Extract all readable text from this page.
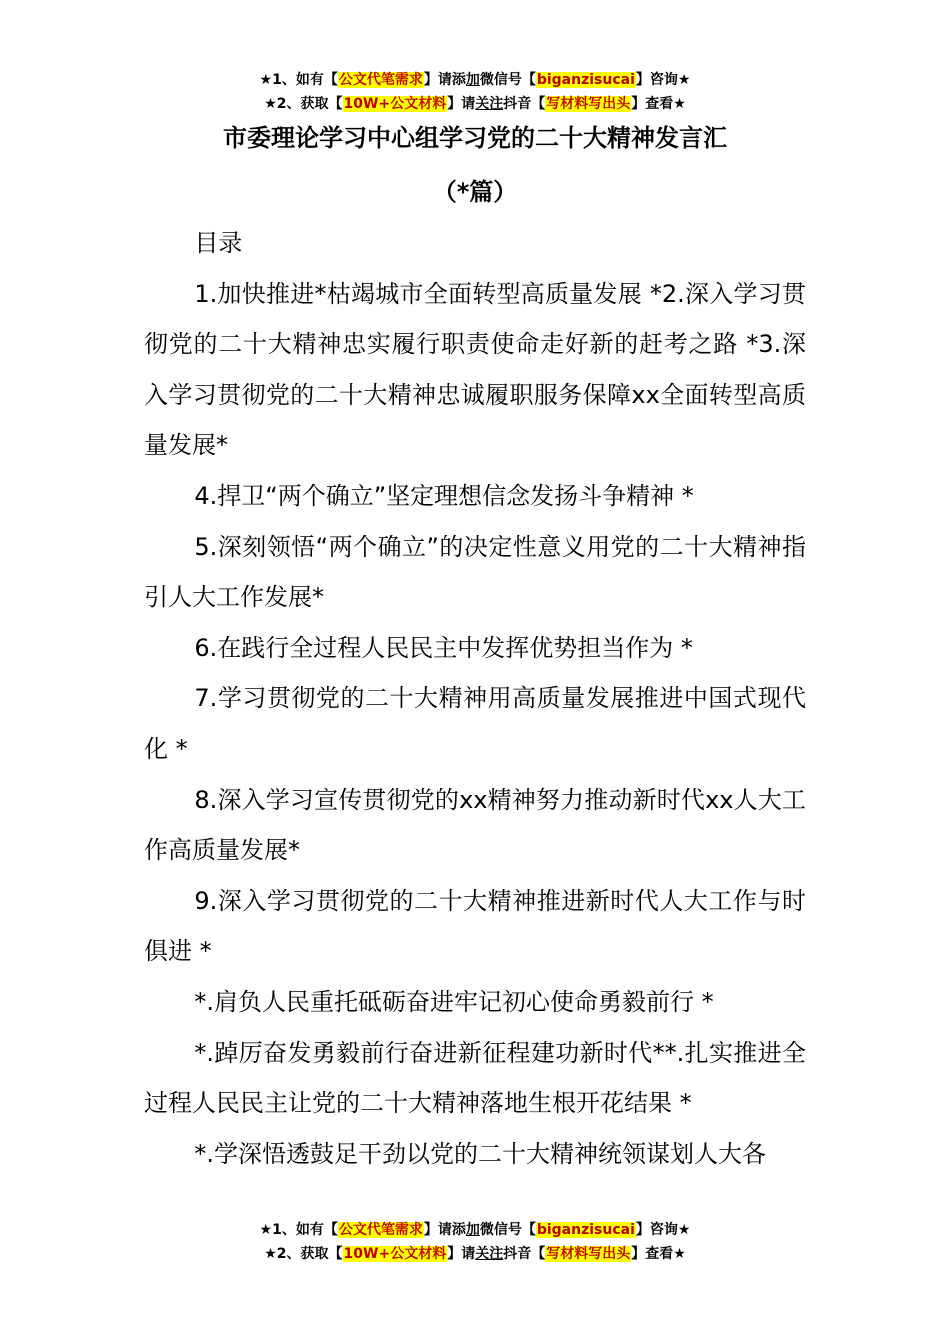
★1、如有【公文代笔需求】请添加微信号【biganzisucai】咨询★
★2、获取【10W+公文材料】请关注抖音【写材料写出头】查看★
市委理论学习中心组学习党的二十大精神发言汇
（*篇）

目录

1.加快推进*枯竭城市全面转型高质量发展 *2.深入学习贯彻党的二十大精神忠实履行职责使命走好新的赶考之路 *3.深入学习贯彻党的二十大精神忠诚履职服务保障xx全面转型高质量发展*

4.捍卫“两个确立”坚定理想信念发扬斗争精神 *

5.深刻领悟“两个确立”的决定性意义用党的二十大精神指引人大工作发展*

6.在践行全过程人民民主中发挥优势担当作为 *

7.学习贯彻党的二十大精神用高质量发展推进中国式现代化 *

8.深入学习宣传贯彻党的xx精神努力推动新时代xx人大工作高质量发展*

9.深入学习贯彻党的二十大精神推进新时代人大工作与时俱进 *

*.肩负人民重托砥砺奋进牢记初心使命勇毅前行 *

*.踔厉奋发勇毅前行奋进新征程建功新时代**.扎实推进全过程人民民主让党的二十大精神落地生根开花结果 *

*.学深悟透鼓足干劲以党的二十大精神统领谋划人大各

★1、如有【公文代笔需求】请添加微信号【biganzisucai】咨询★
★2、获取【10W+公文材料】请关注抖音【写材料写出头】查看★
